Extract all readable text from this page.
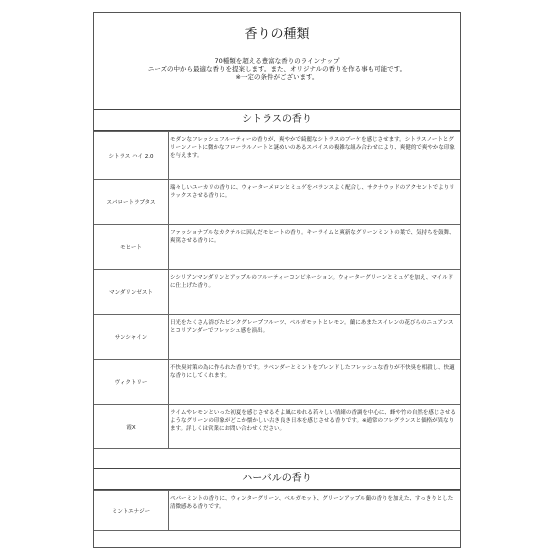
香りの種類
70種類を超える豊富な香りのラインナップ
ニーズの中から最適な香りを提案します。また、オリジナルの香りを作る事も可能です。
※一定の条件がございます。
シトラスの香り
シトラス ハイ 2.0
モダンなフレッシュフルーティーの香りが、爽やかで綺麗なシトラスのブーケを感じさせます。シトラスノートとグリーンノートに微かなフローラルノートと謎めいのあるスパイスの複雑な組み合わせにより、爽健的で爽やかな印象を与えます。
スパロートラプタス
瑞々しいユーカリの香りに、ウォーターメロンとミュゲをバランスよく配合し、サクナウッドのアクセントでよりリラックスさせる香りに。
モヒート
ファッショナブルなカクテルに因んだモヒートの香り。キーライムと爽新なグリーンミントの葉で、気持ちを鼓舞、爽篤させる香りに。
マンダリンゼスト
シシリアンマンダリンとアップルのフルーティーコンビネーション。ウォーターグリーンとミュゲを加え、マイルドに仕上げた香り。
サンシャイン
日光をたくさん浴びたピンクグレープフルーツ、ベルガモットとレモン。蘭にあまたスイレンの花びらのニュアンスとコリアンダーでフレッシュ感を演出。
ヴィクトリー
不快臭対策の為に作られた香りです。ラベンダーとミントをブレンドしたフレッシュな香りが不快臭を相殺し、快適な香りにしてくれます。
霞X
ライムやレモンといった初夏を感じさせるそよ風にゆれる若々しい情緒の香調を中心に、蜂や竹の自然を感じさせるようなグリーンの印象がどこか懐かしい古き良き日本を感じさせる香りです。※通常のフレグランスと価格が異なります。詳しくは営業にお問い合わせください。
ハーバルの香り
ミントエナジー
ペパーミントの香りに、ウィンターグリーン、ベルガモット、グリーンアップル蘭の香りを加えた、すっきりとした清微感ある香りです。
